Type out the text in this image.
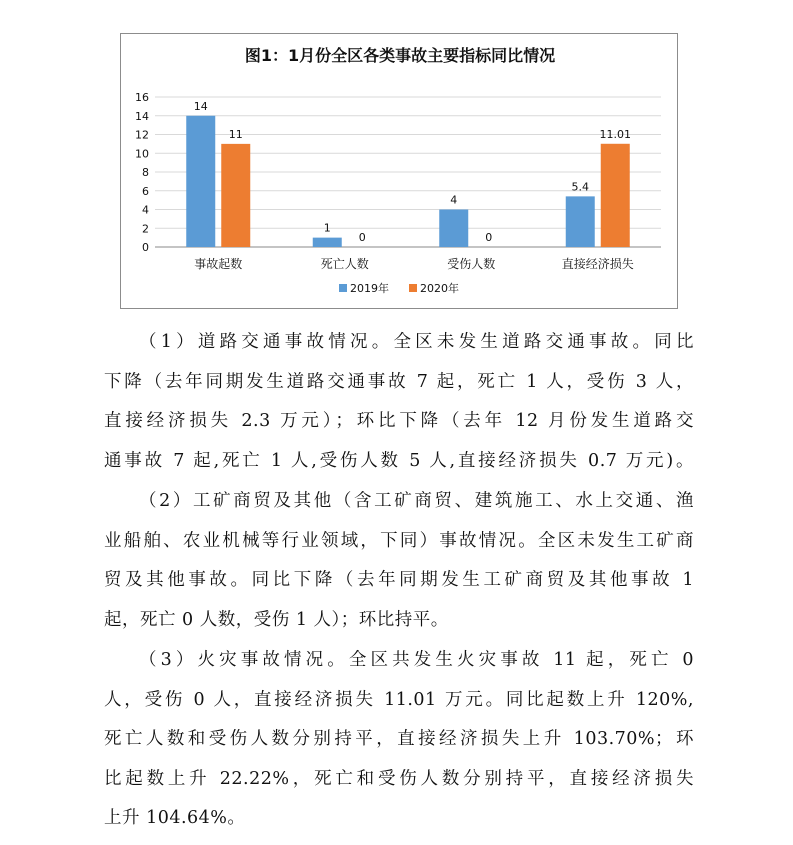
图1：1月份全区各类事故主要指标同比情况
0
2
4
6
8
10
12
14
16
事故起数	死亡人数	受伤人数	直接经济损失
14
11
1
0
4
0
5.4
11.01
2019年	2020年
（1）道路交通事故情况。全区未发生道路交通事故。同比
下降（去年同期发生道路交通事故 7 起，死亡 1 人，受伤 3 人，
直接经济损失 2.3 万元）；环比下降（去年 12 月份发生道路交
通事故 7 起,死亡 1 人,受伤人数 5 人,直接经济损失 0.7 万元)。
（2）工矿商贸及其他（含工矿商贸、建筑施工、水上交通、渔
业船舶、农业机械等行业领域，下同）事故情况。全区未发生工矿商
贸及其他事故。同比下降（去年同期发生工矿商贸及其他事故 1
起，死亡 0 人数，受伤 1 人）；环比持平。
（3）火灾事故情况。全区共发生火灾事故 11 起，死亡 0
人，受伤 0 人，直接经济损失 11.01 万元。同比起数上升 120%,
死亡人数和受伤人数分别持平，直接经济损失上升 103.70%；环
比起数上升 22.22%，死亡和受伤人数分别持平，直接经济损失
上升 104.64%。
